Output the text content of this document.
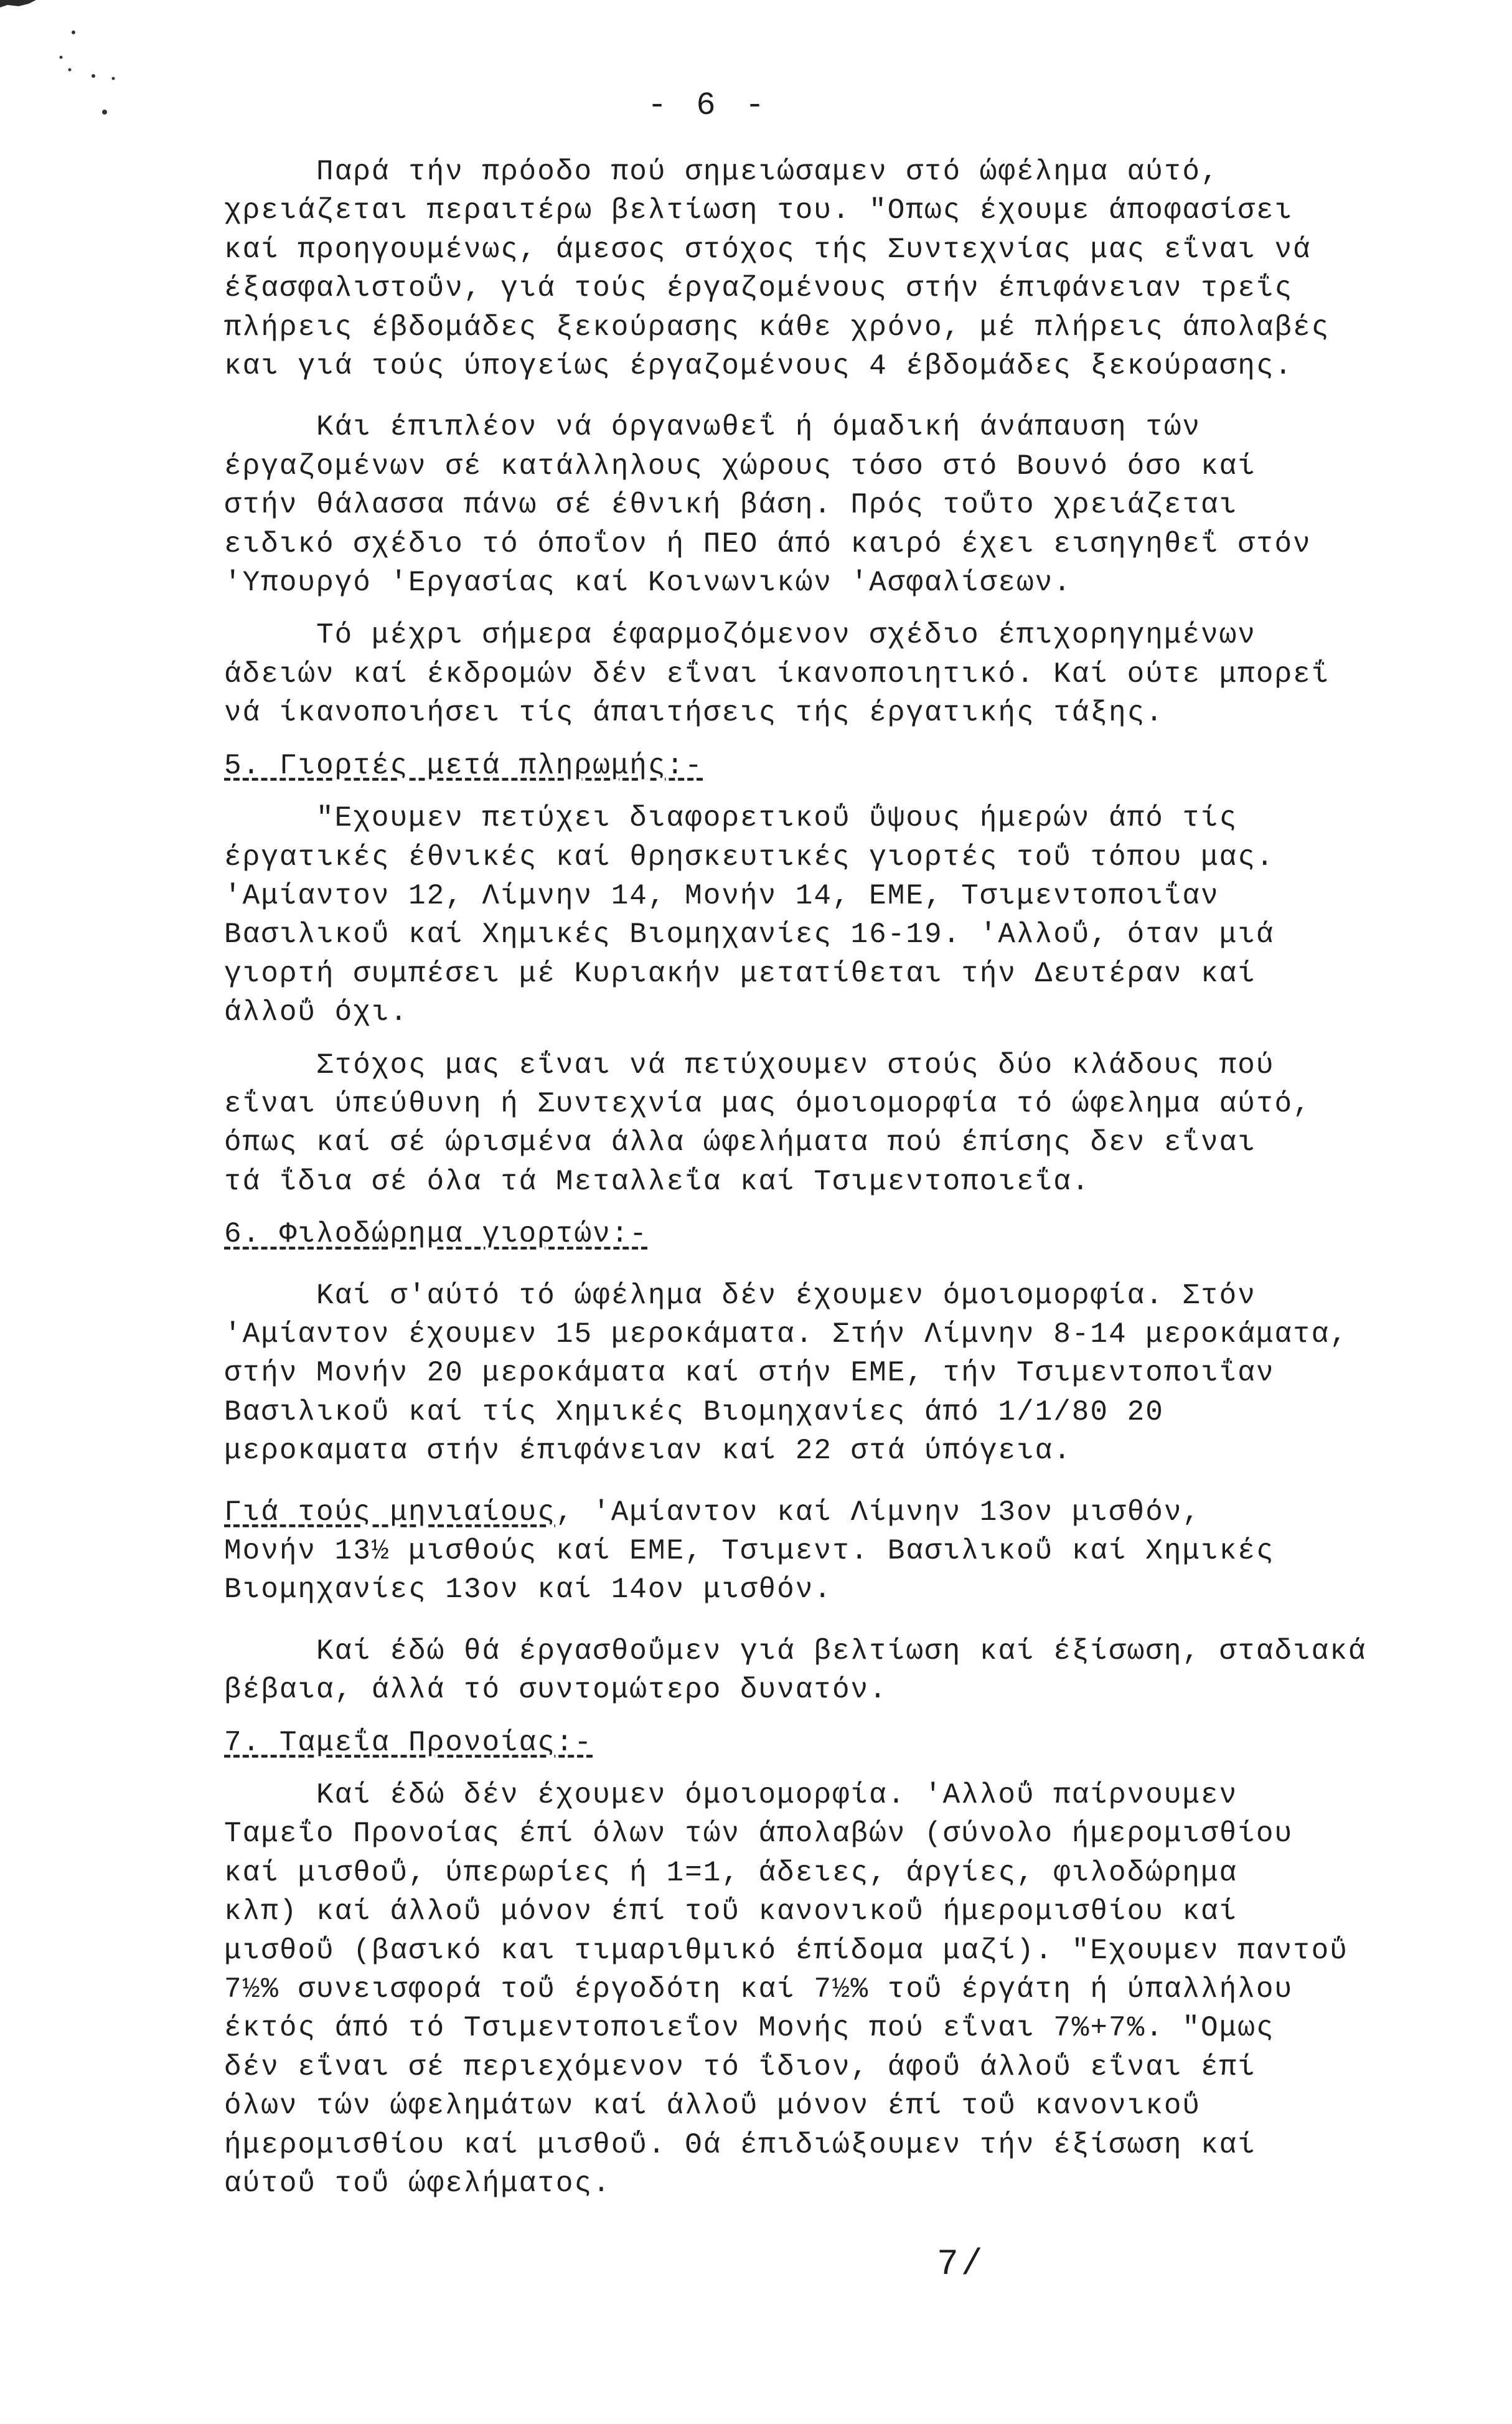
- 6 -

Παρά τήν πρόοδο πού σημειώσαμεν στό ώφέλημα αύτό,
χρειάζεται περαιτέρω βελτίωση του. "Οπως έχουμε άποφασίσει
καί προηγουμένως, άμεσος στόχος τής Συντεχνίας μας εΐναι νά
έξασφαλιστοΰν, γιά τούς έργαζομένους στήν έπιφάνειαν τρεΐς
πλήρεις έβδομάδες ξεκούρασης κάθε χρόνο, μέ πλήρεις άπολαβές
και γιά τούς ύπογείως έργαζομένους 4 έβδομάδες ξεκούρασης.

Κάι έπιπλέον νά όργανωθεΐ ή όμαδική άνάπαυση τών
έργαζομένων σέ κατάλληλους χώρους τόσο στό Βουνό όσο καί
στήν θάλασσα πάνω σέ έθνική βάση. Πρός τοΰτο χρειάζεται
ειδικό σχέδιο τό όποΐον ή ΠΕΟ άπό καιρό έχει εισηγηθεΐ στόν
'Υπουργό 'Εργασίας καί Κοινωνικών 'Ασφαλίσεων.

Τό μέχρι σήμερα έφαρμοζόμενον σχέδιο έπιχορηγημένων
άδειών καί έκδρομών δέν εΐναι ίκανοποιητικό. Καί ούτε μπορεΐ
νά ίκανοποιήσει τίς άπαιτήσεις τής έργατικής τάξης.

5. Γιορτές μετά πληρωμής:-

"Εχουμεν πετύχει διαφορετικοΰ ΰψους ήμερών άπό τίς
έργατικές έθνικές καί θρησκευτικές γιορτές τοΰ τόπου μας.
'Αμίαντον 12, Λίμνην 14, Μονήν 14, ΕΜΕ, Τσιμεντοποιΐαν
Βασιλικοΰ καί Χημικές Βιομηχανίες 16-19. 'Αλλοΰ, όταν μιά
γιορτή συμπέσει μέ Κυριακήν μετατίθεται τήν Δευτέραν καί
άλλοΰ όχι.

Στόχος μας εΐναι νά πετύχουμεν στούς δύο κλάδους πού
εΐναι ύπεύθυνη ή Συντεχνία μας όμοιομορφία τό ώφελημα αύτό,
όπως καί σέ ώρισμένα άλλα ώφελήματα πού έπίσης δεν εΐναι
τά ΐδια σέ όλα τά Μεταλλεΐα καί Τσιμεντοποιεΐα.

6. Φιλοδώρημα γιορτών:-

Καί σ'αύτό τό ώφέλημα δέν έχουμεν όμοιομορφία. Στόν
'Αμίαντον έχουμεν 15 μεροκάματα. Στήν Λίμνην 8-14 μεροκάματα,
στήν Μονήν 20 μεροκάματα καί στήν ΕΜΕ, τήν Τσιμεντοποιΐαν
Βασιλικοΰ καί τίς Χημικές Βιομηχανίες άπό 1/1/80 20
μεροκαματα στήν έπιφάνειαν καί 22 στά ύπόγεια.

Γιά τούς μηνιαίους, 'Αμίαντον καί Λίμνην 13ον μισθόν,
Μονήν 13½ μισθούς καί ΕΜΕ, Τσιμεντ. Βασιλικοΰ καί Χημικές
Βιομηχανίες 13ον καί 14ον μισθόν.

Καί έδώ θά έργασθοΰμεν γιά βελτίωση καί έξίσωση, σταδιακά
βέβαια, άλλά τό συντομώτερο δυνατόν.

7. Ταμεΐα Προνοίας:-

Καί έδώ δέν έχουμεν όμοιομορφία. 'Αλλοΰ παίρνουμεν
Ταμεΐο Προνοίας έπί όλων τών άπολαβών (σύνολο ήμερομισθίου
καί μισθοΰ, ύπερωρίες ή 1=1, άδειες, άργίες, φιλοδώρημα
κλπ) καί άλλοΰ μόνον έπί τοΰ κανονικοΰ ήμερομισθίου καί
μισθοΰ (βασικό και τιμαριθμικό έπίδομα μαζί). "Εχουμεν παντοΰ
7½% συνεισφορά τοΰ έργοδότη καί 7½% τοΰ έργάτη ή ύπαλλήλου
έκτός άπό τό Τσιμεντοποιεΐον Μονής πού εΐναι 7%+7%. "Ομως
δέν εΐναι σέ περιεχόμενον τό ΐδιον, άφοΰ άλλοΰ εΐναι έπί
όλων τών ώφελημάτων καί άλλοΰ μόνον έπί τοΰ κανονικοΰ
ήμερομισθίου καί μισθοΰ. Θά έπιδιώξουμεν τήν έξίσωση καί
αύτοΰ τοΰ ώφελήματος.

7/
